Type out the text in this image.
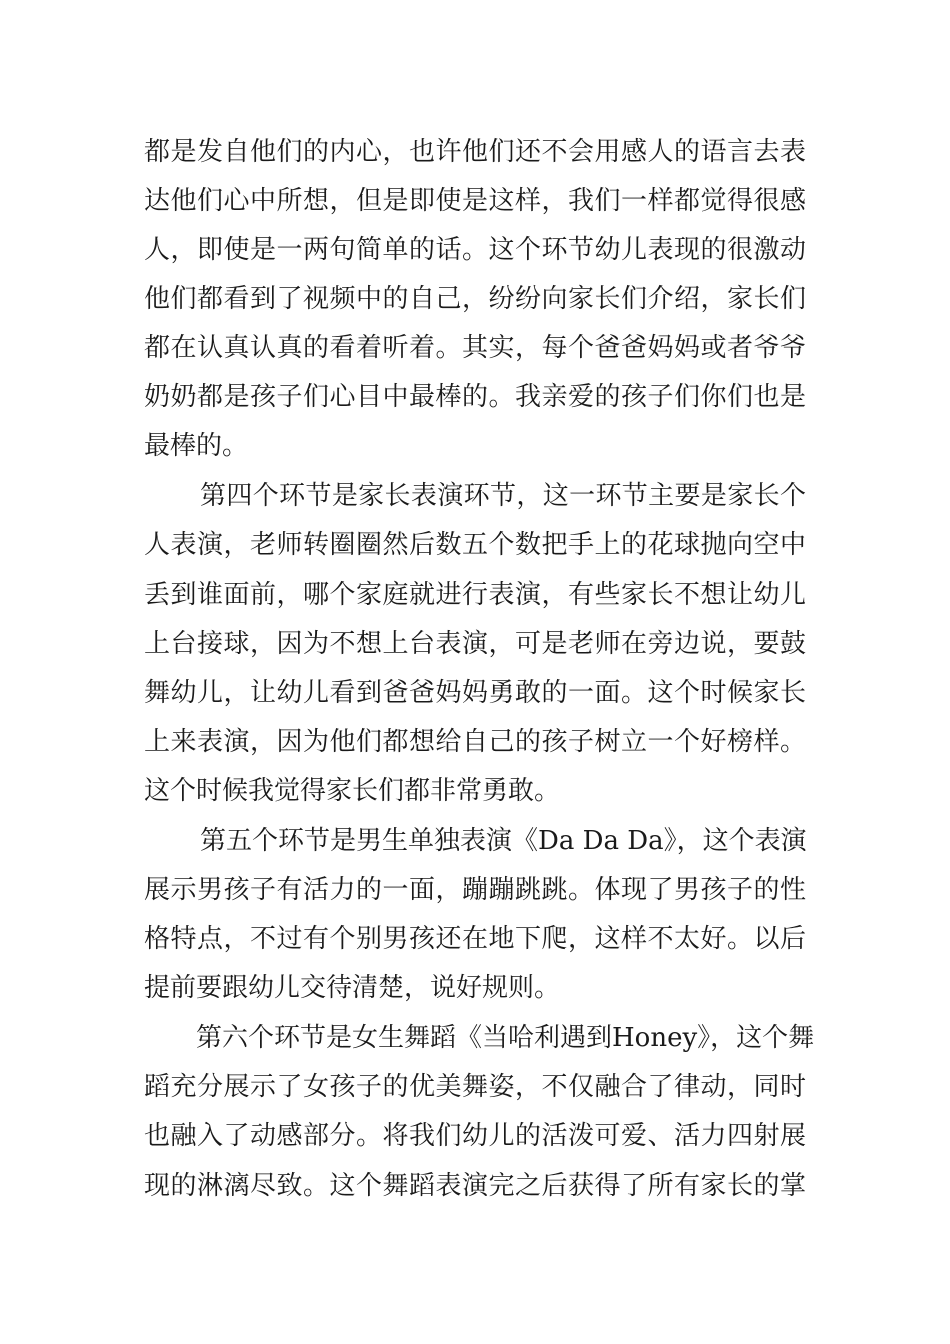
都是发自他们的内心，也许他们还不会用感人的语言去表
达他们心中所想，但是即使是这样，我们一样都觉得很感
人，即使是一两句简单的话。这个环节幼儿表现的很激动
他们都看到了视频中的自己，纷纷向家长们介绍，家长们
都在认真认真的看着听着。其实，每个爸爸妈妈或者爷爷
奶奶都是孩子们心目中最棒的。我亲爱的孩子们你们也是
最棒的。
第四个环节是家长表演环节，这一环节主要是家长个
人表演，老师转圈圈然后数五个数把手上的花球抛向空中
丢到谁面前，哪个家庭就进行表演，有些家长不想让幼儿
上台接球，因为不想上台表演，可是老师在旁边说，要鼓
舞幼儿，让幼儿看到爸爸妈妈勇敢的一面。这个时候家长
上来表演，因为他们都想给自己的孩子树立一个好榜样。
这个时候我觉得家长们都非常勇敢。
第五个环节是男生单独表演《Da Da Da》，这个表演
展示男孩子有活力的一面，蹦蹦跳跳。体现了男孩子的性
格特点，不过有个别男孩还在地下爬，这样不太好。以后
提前要跟幼儿交待清楚，说好规则。
第六个环节是女生舞蹈《当哈利遇到Honey》，这个舞
蹈充分展示了女孩子的优美舞姿，不仅融合了律动，同时
也融入了动感部分。将我们幼儿的活泼可爱、活力四射展
现的淋漓尽致。这个舞蹈表演完之后获得了所有家长的掌
